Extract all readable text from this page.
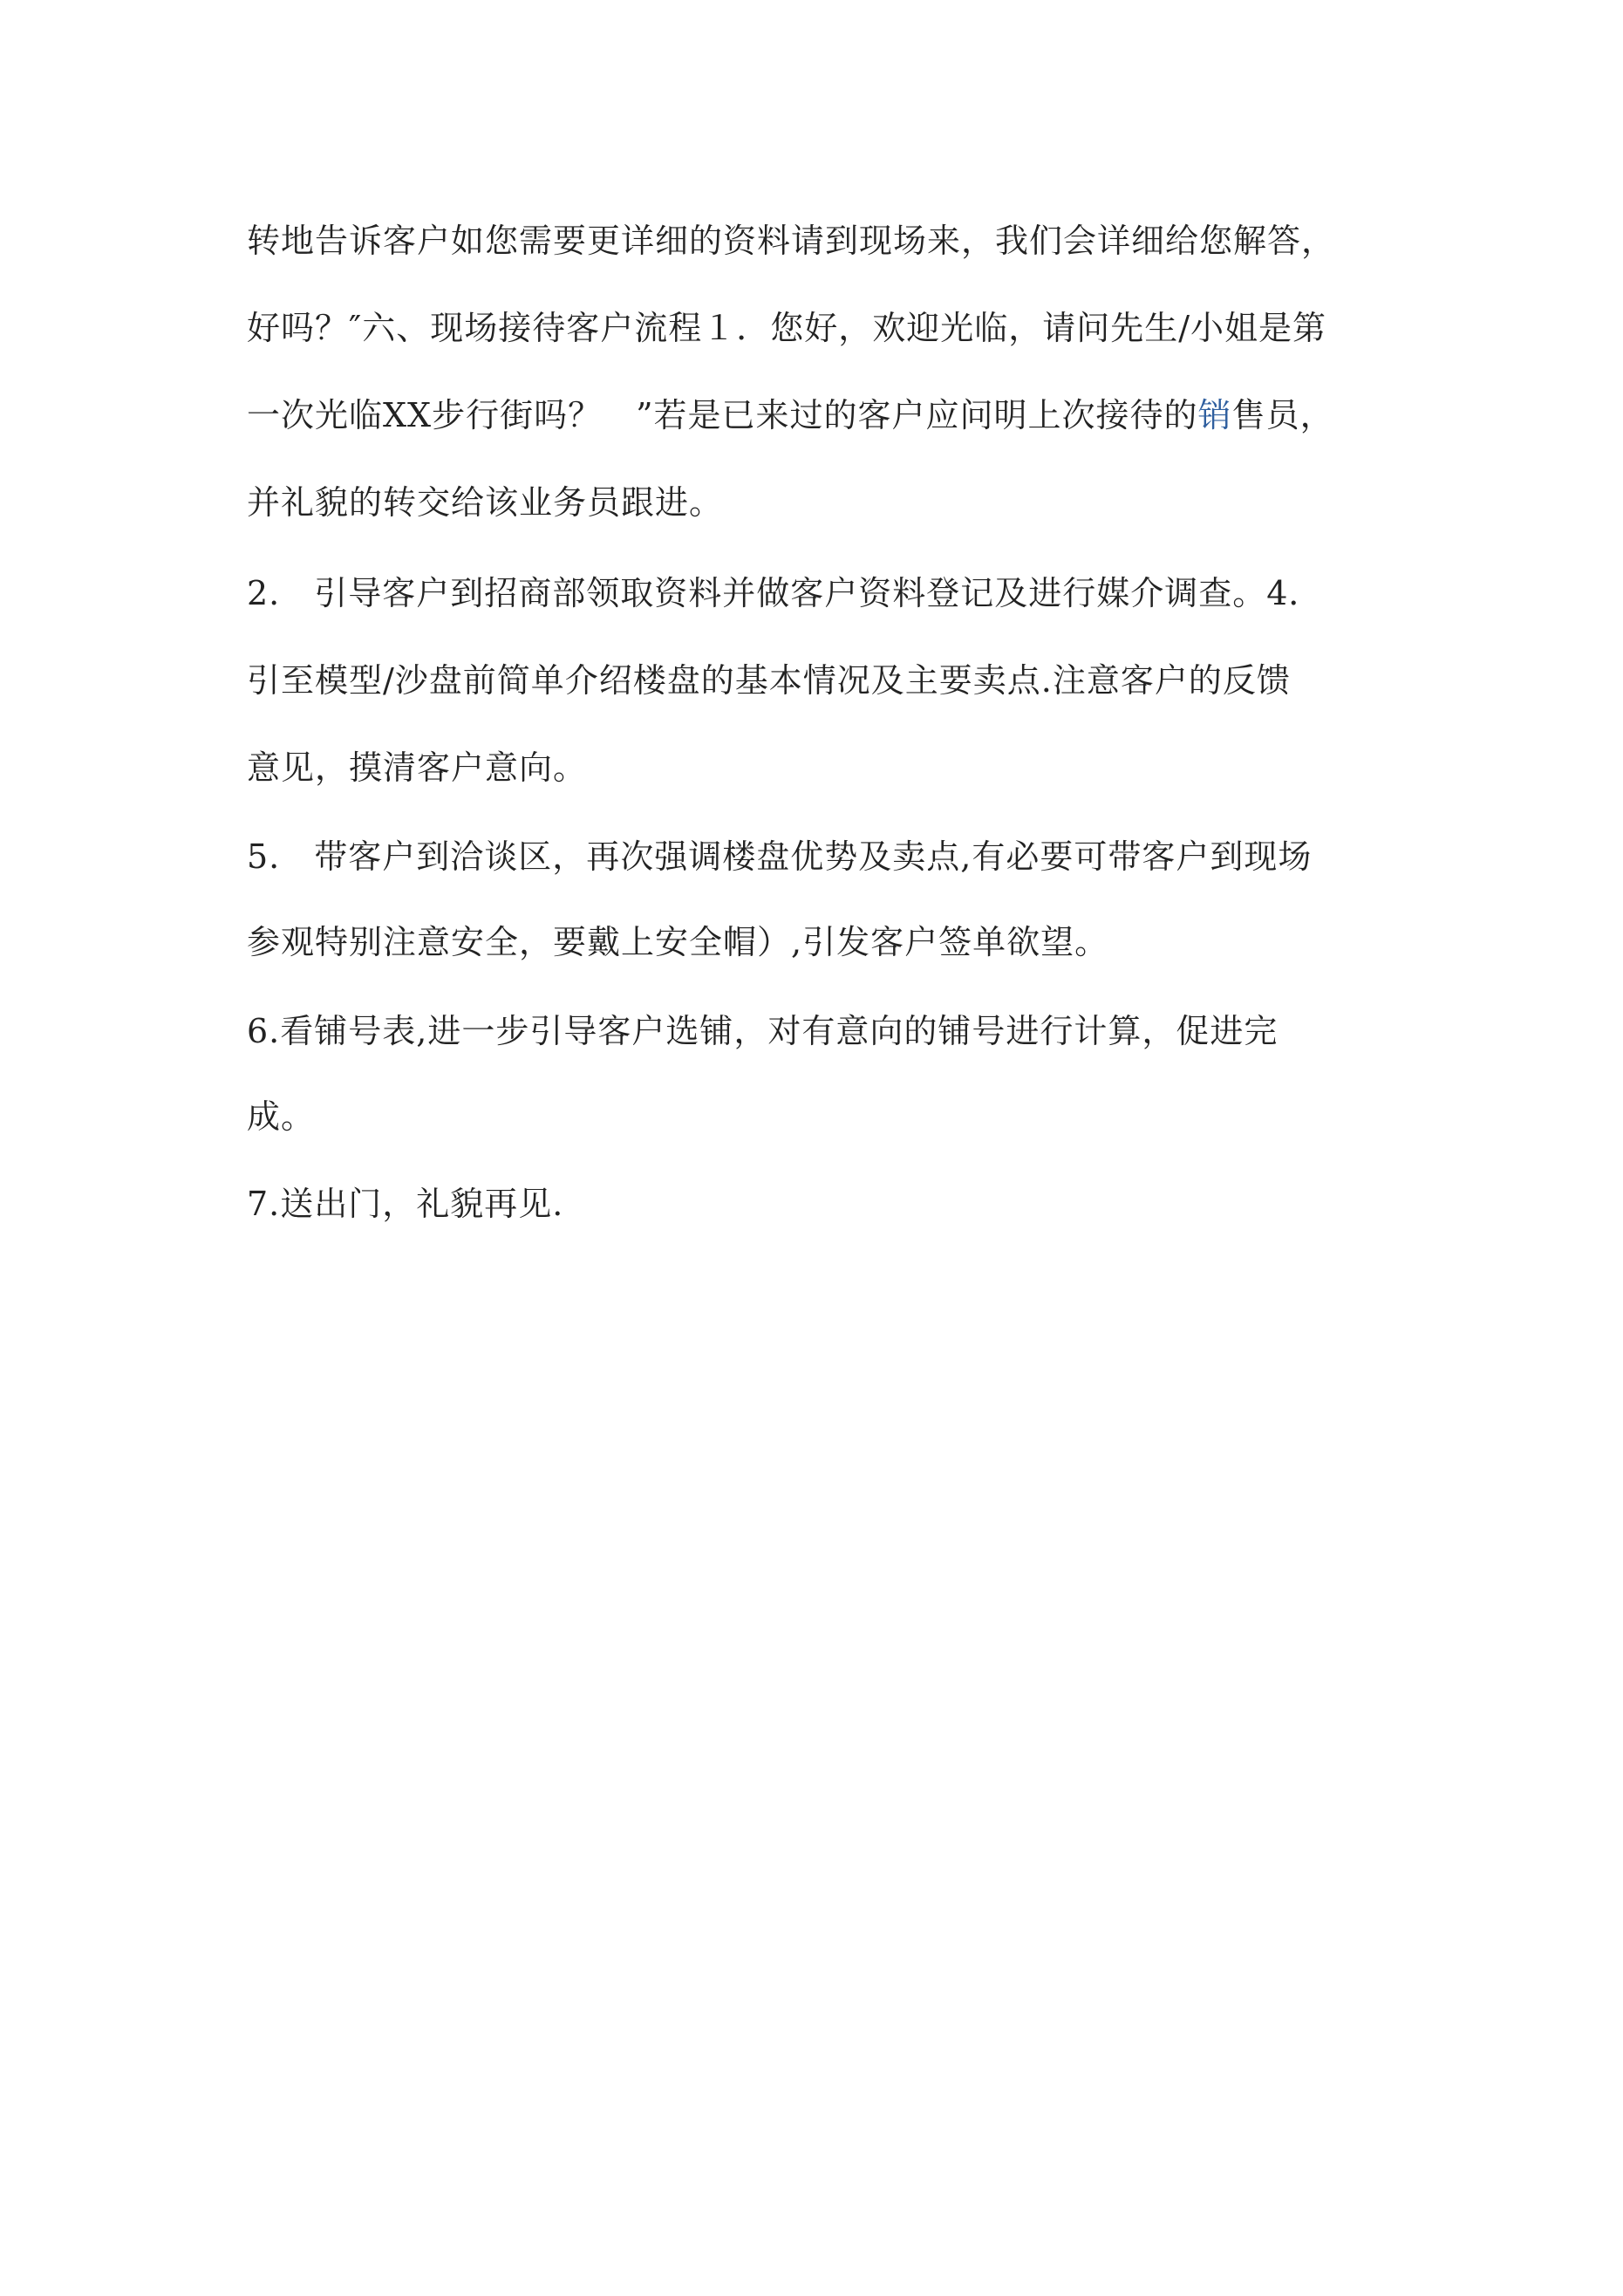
转地告诉客户如您需要更详细的资料请到现场来，我们会详细给您解答，
好吗？″六、现场接待客户流程１．您好，欢迎光临，请问先生/小姐是第
一次光临XX步行街吗？　”若是已来过的客户应问明上次接待的销售员，
并礼貌的转交给该业务员跟进。
2.　引导客户到招商部领取资料并做客户资料登记及进行媒介调查。4．
引至模型/沙盘前简单介绍楼盘的基本情况及主要卖点.注意客户的反馈
意见，摸清客户意向。
5.　带客户到洽谈区，再次强调楼盘优势及卖点,有必要可带客户到现场
参观特别注意安全，要戴上安全帽）,引发客户签单欲望。
6.看铺号表,进一步引导客户选铺，对有意向的铺号进行计算，促进完
成。
7.送出门，礼貌再见.
